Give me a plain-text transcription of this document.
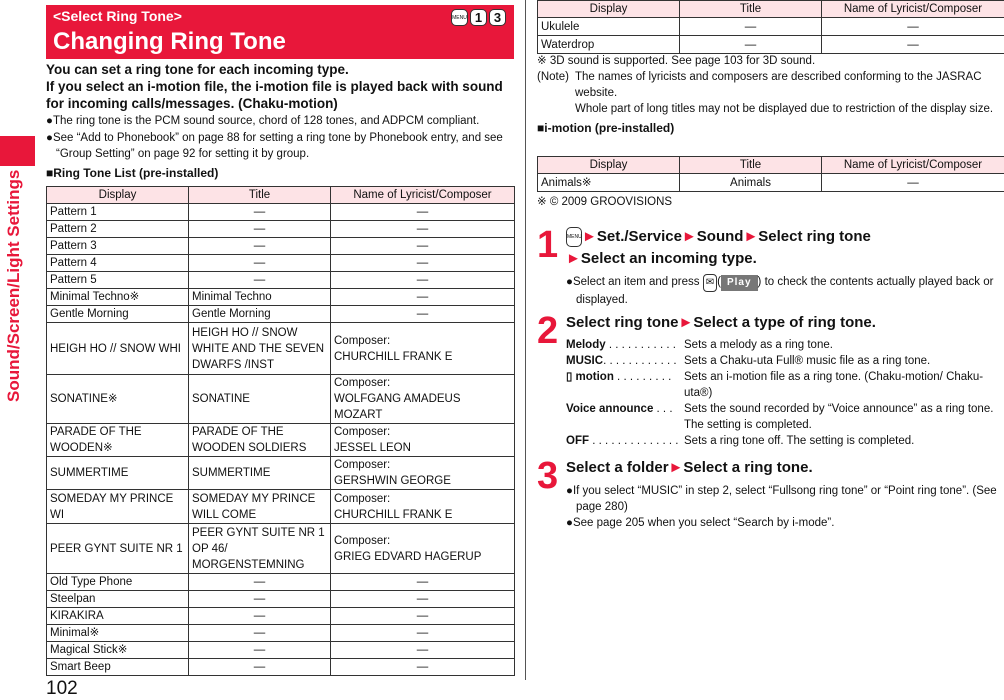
Sound/Screen/Light Settings
102
<Select Ring Tone>
Changing Ring Tone
MENU 1 3
You can set a ring tone for each incoming type.
If you select an i-motion file, the i-motion file is played back with sound for incoming calls/messages. (Chaku-motion)
●The ring tone is the PCM sound source, chord of 128 tones, and ADPCM compliant.
●See “Add to Phonebook” on page 88 for setting a ring tone by Phonebook entry, and see “Group Setting” on page 92 for setting it by group.
■Ring Tone List (pre-installed)
Display	Title	Name of Lyricist/Composer
Pattern 1	—	—
Pattern 2	—	—
Pattern 3	—	—
Pattern 4	—	—
Pattern 5	—	—
Minimal Techno※	Minimal Techno	—
Gentle Morning	Gentle Morning	—
HEIGH HO // SNOW WHI	HEIGH HO // SNOW WHITE AND THE SEVEN DWARFS /INST	Composer:
CHURCHILL FRANK E
SONATINE※	SONATINE	Composer:
WOLFGANG AMADEUS MOZART
PARADE OF THE WOODEN※	PARADE OF THE WOODEN SOLDIERS	Composer:
JESSEL LEON
SUMMERTIME	SUMMERTIME	Composer:
GERSHWIN GEORGE
SOMEDAY MY PRINCE WI	SOMEDAY MY PRINCE WILL COME	Composer:
CHURCHILL FRANK E
PEER GYNT SUITE NR 1	PEER GYNT SUITE NR 1 OP 46/ MORGENSTEMNING	Composer:
GRIEG EDVARD HAGERUP
Old Type Phone	—	—
Steelpan	—	—
KIRAKIRA	—	—
Minimal※	—	—
Magical Stick※	—	—
Smart Beep	—	—
Display	Title	Name of Lyricist/Composer
Ukulele	—	—
Waterdrop	—	—
※ 3D sound is supported. See page 103 for 3D sound.
(Note) The names of lyricists and composers are described conforming to the JASRAC website.
Whole part of long titles may not be displayed due to restriction of the display size.
■i-motion (pre-installed)
Display	Title	Name of Lyricist/Composer
Animals※	Animals	—
※ © 2009 GROOVISIONS
1 MENU►Set./Service►Sound►Select ring tone
►Select an incoming type.
●Select an item and press ✉ ( Play ) to check the contents actually played back or displayed.
2 Select ring tone►Select a type of ring tone.
Melody . . . . . . . . . . . Sets a melody as a ring tone.
MUSIC. . . . . . . . . . . . Sets a Chaku-uta Full® music file as a ring tone.
▯ motion . . . . . . . . .	Sets an i-motion file as a ring tone. (Chaku-motion/ Chaku-uta®)
Voice announce . . . Sets the sound recorded by “Voice announce” as a ring tone. The setting is completed.
OFF . . . . . . . . . . . . . . Sets a ring tone off. The setting is completed.
3 Select a folder►Select a ring tone.
●If you select “MUSIC” in step 2, select “Fullsong ring tone” or “Point ring tone”. (See page 280)
●See page 205 when you select “Search by i-mode”.
